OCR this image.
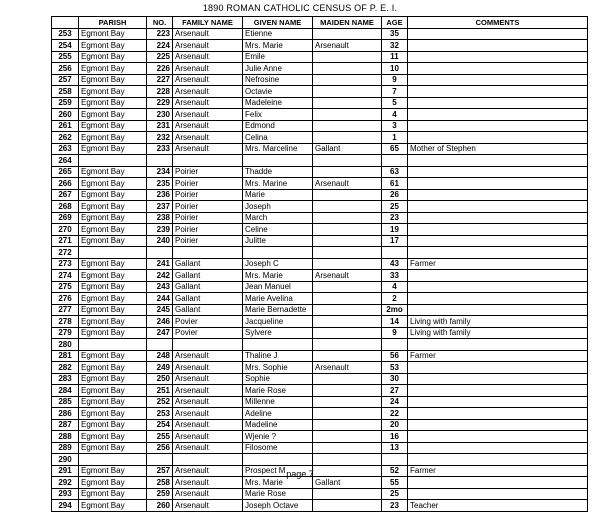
1890 ROMAN CATHOLIC CENSUS OF P. E. I.
	PARISH	NO.	FAMILY NAME	GIVEN NAME	MAIDEN NAME	AGE	COMMENTS
253	Egmont Bay	223	Arsenault	Etienne		35	
254	Egmont Bay	224	Arsenault	Mrs. Marie	Arsenault	32	
255	Egmont Bay	225	Arsenault	Emile		11	
256	Egmont Bay	226	Arsenault	Julie Anne		10	
257	Egmont Bay	227	Arsenault	Nefrosine		9	
258	Egmont Bay	228	Arsenault	Octavie		7	
259	Egmont Bay	229	Arsenault	Madeleine		5	
260	Egmont Bay	230	Arsenault	Felix		4	
261	Egmont Bay	231	Arsenault	Edmond		3	
262	Egmont Bay	232	Arsenault	Celina		1	
263	Egmont Bay	233	Arsenault	Mrs. Marceline	Gallant	65	Mother of Stephen
264							
265	Egmont Bay	234	Poirier	Thadde		63	
266	Egmont Bay	235	Poirier	Mrs. Marine	Arsenault	61	
267	Egmont Bay	236	Poirier	Marie		26	
268	Egmont Bay	237	Poirier	Joseph		25	
269	Egmont Bay	238	Poirier	March		23	
270	Egmont Bay	239	Poirier	Celine		19	
271	Egmont Bay	240	Poirier	Julitte		17	
272							
273	Egmont Bay	241	Gallant	Joseph C		43	Farmer
274	Egmont Bay	242	Gallant	Mrs. Marie	Arsenault	33	
275	Egmont Bay	243	Gallant	Jean Manuel		4	
276	Egmont Bay	244	Gallant	Marie Avelina		2	
277	Egmont Bay	245	Gallant	Marie Bernadette		2mo	
278	Egmont Bay	246	Povier	Jacqueline		14	Living with family
279	Egmont Bay	247	Povier	Sylvere		9	Living with family
280							
281	Egmont Bay	248	Arsenault	Thaline J		56	Farmer
282	Egmont Bay	249	Arsenault	Mrs. Sophie	Arsenault	53	
283	Egmont Bay	250	Arsenault	Sophie		30	
284	Egmont Bay	251	Arsenault	Marie Rose		27	
285	Egmont Bay	252	Arsenault	Millenne		24	
286	Egmont Bay	253	Arsenault	Adeline		22	
287	Egmont Bay	254	Arsenault	Madeline		20	
288	Egmont Bay	255	Arsenault	Wjenie ?		16	
289	Egmont Bay	256	Arsenault	Filosome		13	
290							
291	Egmont Bay	257	Arsenault	Prospect M		52	Farmer
292	Egmont Bay	258	Arsenault	Mrs. Marie	Gallant	55	
293	Egmont Bay	259	Arsenault	Marie Rose		25	
294	Egmont Bay	260	Arsenault	Joseph Octave		23	Teacher
page 7
